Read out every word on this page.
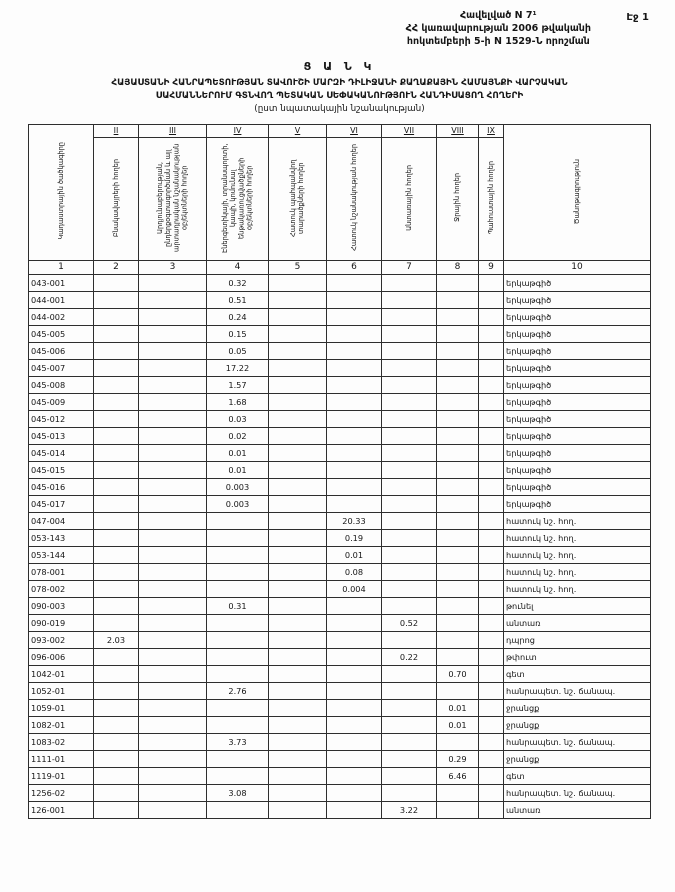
Էջ 1
Հավելված N 7¹
ՀՀ կառավարության 2006 թվականի
հոկտեմբերի 5-ի N 1529-Ն որոշման
Ց Ա Ն Կ
ՀԱՅԱՍՏԱՆԻ ՀԱՆՐԱՊԵՏՈՒԹՅԱՆ ՏԱՎՈՒՇԻ ՄԱՐԶԻ ԴԻԼԻՋԱՆԻ ՔԱՂԱՔԱՅԻՆ ՀԱՄԱՅՆՔԻ ՎԱՐՉԱԿԱՆ
ՍԱՀՄԱՆՆԵՐՈՒՄ ԳՏՆՎՈՂ ՊԵՏԱԿԱՆ ՍԵՓԱԿԱՆՈՒԹՅՈՒՆ ՀԱՆԴԻՍԱՑՈՂ ՀՈՂԵՐԻ
(ըստ նպատակային նշանակության)
Կադաստրային ծածկագիրը	II	III	IV	V	VI	VII	VIII	IX	Ծանոթագրություն
	Բնակավայրերի հողեր	Արդյունաբերության, ընդերքօգտագործման և այլ արտադրական նշանակության օբյեկտների հողեր	Էներգետիկայի, տրանսպորտի, կապի, կոմունալ ենթակառուցվածքների օբյեկտների հողեր	Հատուկ պահպանվող տարածքների հողեր	Հատուկ նշանակության հողեր	Անտառային հողեր	Ջրային հողեր	Պահուստային հողեր	
1	2	3	4	5	6	7	8	9	10
043-001			0.32						երկաթգիծ
044-001			0.51						երկաթգիծ
044-002			0.24						երկաթգիծ
045-005			0.15						երկաթգիծ
045-006			0.05						երկաթգիծ
045-007			17.22						երկաթգիծ
045-008			1.57						երկաթգիծ
045-009			1.68						երկաթգիծ
045-012			0.03						երկաթգիծ
045-013			0.02						երկաթգիծ
045-014			0.01						երկաթգիծ
045-015			0.01						երկաթգիծ
045-016			0.003						երկաթգիծ
045-017			0.003						երկաթգիծ
047-004					20.33				հատուկ նշ. հող.
053-143					0.19				հատուկ նշ. հող.
053-144					0.01				հատուկ նշ. հող.
078-001					0.08				հատուկ նշ. հող.
078-002					0.004				հատուկ նշ. հող.
090-003			0.31						թունել
090-019						0.52			անտառ
093-002	2.03								դպրոց
096-006						0.22			թփուտ
1042-01							0.70		գետ
1052-01			2.76						հանրապետ. նշ. ճանապ.
1059-01							0.01		ջրանցք
1082-01							0.01		ջրանցք
1083-02			3.73						հանրապետ. նշ. ճանապ.
1111-01							0.29		ջրանցք
1119-01							6.46		գետ
1256-02			3.08						հանրապետ. նշ. ճանապ.
126-001						3.22			անտառ
